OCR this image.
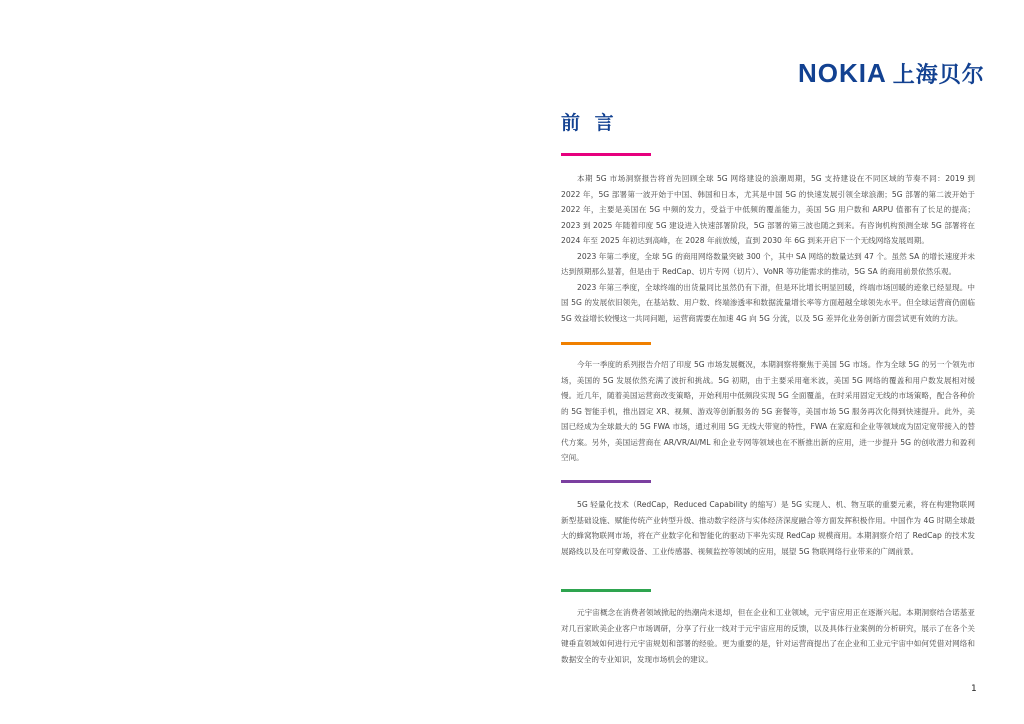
NOKIA 上海贝尔
前 言

本期 5G 市场洞察报告将首先回顾全球 5G 网络建设的浪潮周期，5G 支持建设在不同区域的节奏不同：2019 到 2022 年，5G 部署第一波开始于中国、韩国和日本，尤其是中国 5G 的快速发展引领全球浪潮；5G 部署的第二波开始于 2022 年，主要是美国在 5G 中频的发力，受益于中低频的覆盖能力，美国 5G 用户数和 ARPU 值都有了长足的提高；2023 到 2025 年随着印度 5G 建设进入快速部署阶段，5G 部署的第三波也随之到来。有咨询机构预测全球 5G 部署将在 2024 年至 2025 年初达到高峰，在 2028 年前放缓，直到 2030 年 6G 到来开启下一个无线网络发展周期。

2023 年第二季度，全球 5G 的商用网络数量突破 300 个，其中 SA 网络的数量达到 47 个。虽然 SA 的增长速度并未达到预期那么显著，但是由于 RedCap、切片专网（切片）、VoNR 等功能需求的推动，5G SA 的商用前景依然乐观。

2023 年第三季度，全球终端的出货量同比虽然仍有下滑，但是环比增长明显回暖，终端市场回暖的迹象已经显现。中国 5G 的发展依旧领先，在基站数、用户数、终端渗透率和数据流量增长率等方面超越全球领先水平。但全球运营商仍面临 5G 效益增长较慢这一共同问题，运营商需要在加速 4G 向 5G 分流，以及 5G 差异化业务创新方面尝试更有效的方法。

今年一季度的系列报告介绍了印度 5G 市场发展概况，本期洞察将聚焦于美国 5G 市场。作为全球 5G 的另一个领先市场，美国的 5G 发展依然充满了波折和挑战。5G 初期，由于主要采用毫米波，美国 5G 网络的覆盖和用户数发展相对缓慢。近几年，随着美国运营商改变策略，开始利用中低频段实现 5G 全面覆盖，在时采用固定无线的市场策略，配合各种价的 5G 智能手机，推出固定 XR、视频、游戏等创新服务的 5G 套餐等，美国市场 5G 服务再次化得到快速提升。此外，美国已经成为全球最大的 5G FWA 市场，通过利用 5G 无线大带宽的特性，FWA 在家庭和企业等领域成为固定宽带接入的替代方案。另外，美国运营商在 AR/VR/AI/ML 和企业专网等领域也在不断推出新的应用，进一步提升 5G 的创收潜力和盈利空间。

5G 轻量化技术（RedCap，Reduced Capability 的缩写）是 5G 实现人、机、物互联的重要元素，将在构建物联网新型基础设施、赋能传统产业转型升级、推动数字经济与实体经济深度融合等方面发挥积极作用。中国作为 4G 时期全球最大的蜂窝物联网市场，将在产业数字化和智能化的驱动下率先实现 RedCap 规模商用。本期洞察介绍了 RedCap 的技术发展路线以及在可穿戴设备、工业传感器、视频监控等领域的应用，展望 5G 物联网络行业带来的广阔前景。

元宇宙概念在消费者领域掀起的热潮尚未退却，但在企业和工业领域，元宇宙应用正在逐渐兴起。本期洞察结合诺基亚对几百家欧美企业客户市场调研，分享了行业一线对于元宇宙应用的反馈，以及具体行业案例的分析研究，展示了在各个关键垂直领域如何进行元宇宙规划和部署的经验。更为重要的是，针对运营商提出了在企业和工业元宇宙中如何凭借对网络和数据安全的专业知识，发现市场机会的建议。

1
